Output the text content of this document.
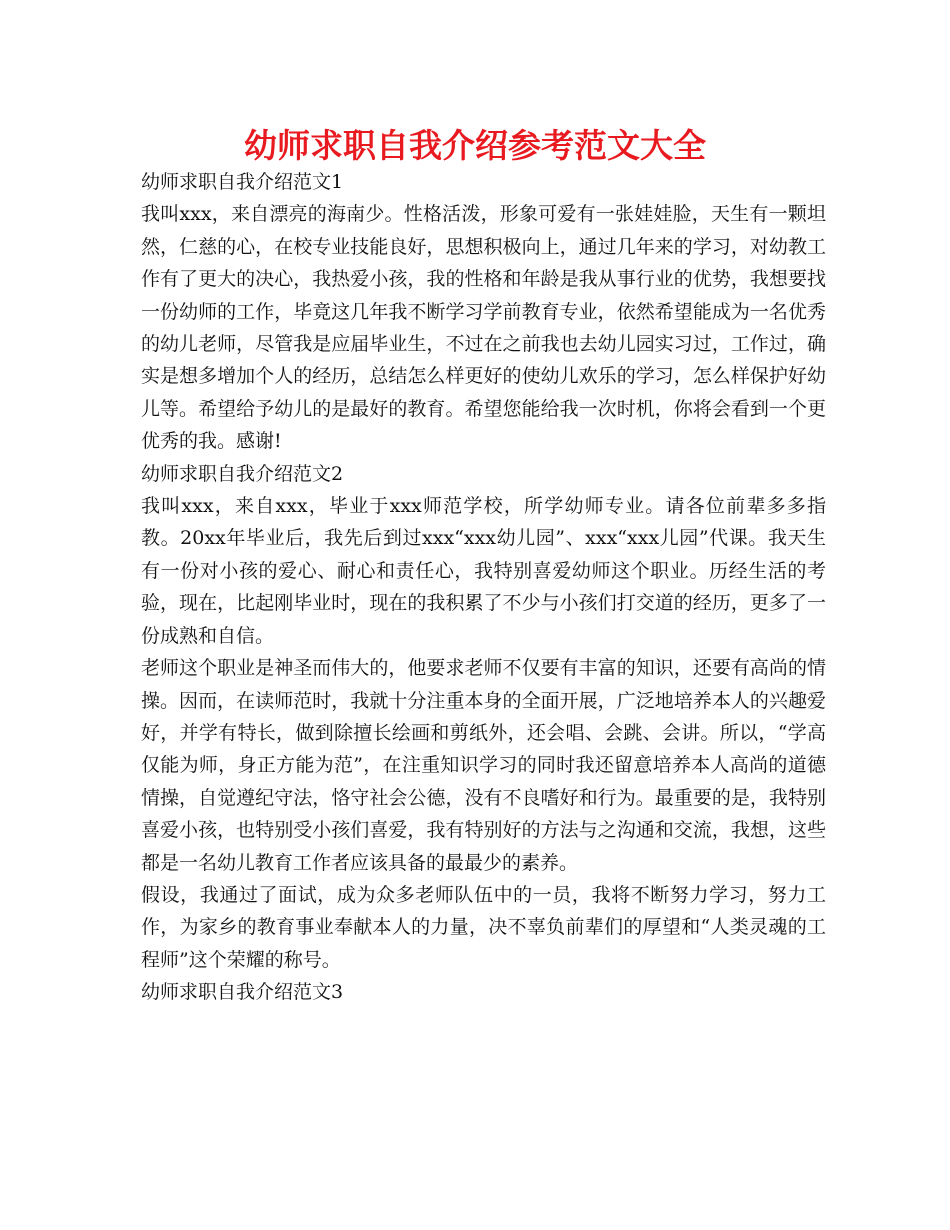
幼师求职自我介绍参考范文大全

幼师求职自我介绍范文1

我叫xxx，来自漂亮的海南少。性格活泼，形象可爱有一张娃娃脸，天生有一颗坦然，仁慈的心，在校专业技能良好，思想积极向上，通过几年来的学习，对幼教工作有了更大的决心，我热爱小孩，我的性格和年龄是我从事行业的优势，我想要找一份幼师的工作，毕竟这几年我不断学习学前教育专业，依然希望能成为一名优秀的幼儿老师，尽管我是应届毕业生，不过在之前我也去幼儿园实习过，工作过，确实是想多增加个人的经历，总结怎么样更好的使幼儿欢乐的学习，怎么样保护好幼儿等。希望给予幼儿的是最好的教育。希望您能给我一次时机，你将会看到一个更优秀的我。感谢!

幼师求职自我介绍范文2

我叫xxx，来自xxx，毕业于xxx师范学校，所学幼师专业。请各位前辈多多指教。20xx年毕业后，我先后到过xxx“xxx幼儿园”、xxx“xxx儿园”代课。我天生有一份对小孩的爱心、耐心和责任心，我特别喜爱幼师这个职业。历经生活的考验，现在，比起刚毕业时，现在的我积累了不少与小孩们打交道的经历，更多了一份成熟和自信。

老师这个职业是神圣而伟大的，他要求老师不仅要有丰富的知识，还要有高尚的情操。因而，在读师范时，我就十分注重本身的全面开展，广泛地培养本人的兴趣爱好，并学有特长，做到除擅长绘画和剪纸外，还会唱、会跳、会讲。所以，“学高仅能为师，身正方能为范”，在注重知识学习的同时我还留意培养本人高尚的道德情操，自觉遵纪守法，恪守社会公德，没有不良嗜好和行为。最重要的是，我特别喜爱小孩，也特别受小孩们喜爱，我有特别好的方法与之沟通和交流，我想，这些都是一名幼儿教育工作者应该具备的最最少的素养。

假设，我通过了面试，成为众多老师队伍中的一员，我将不断努力学习，努力工作，为家乡的教育事业奉献本人的力量，决不辜负前辈们的厚望和“人类灵魂的工程师”这个荣耀的称号。

幼师求职自我介绍范文3
